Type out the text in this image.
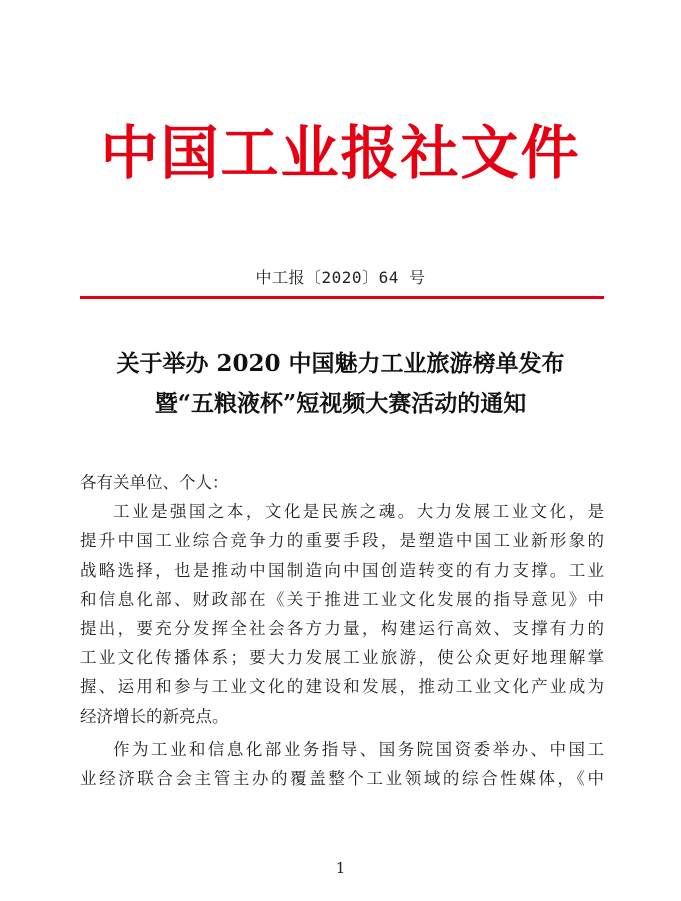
中国工业报社文件
中工报〔2020〕64 号
关于举办 2020 中国魅力工业旅游榜单发布
暨“五粮液杯”短视频大赛活动的通知
各有关单位、个人：
工业是强国之本，文化是民族之魂。大力发展工业文化，是
提升中国工业综合竞争力的重要手段，是塑造中国工业新形象的
战略选择，也是推动中国制造向中国创造转变的有力支撑。工业
和信息化部、财政部在《关于推进工业文化发展的指导意见》中
提出，要充分发挥全社会各方力量，构建运行高效、支撑有力的
工业文化传播体系；要大力发展工业旅游，使公众更好地理解掌
握、运用和参与工业文化的建设和发展，推动工业文化产业成为
经济增长的新亮点。
作为工业和信息化部业务指导、国务院国资委举办、中国工
业经济联合会主管主办的覆盖整个工业领域的综合性媒体，《中
1
